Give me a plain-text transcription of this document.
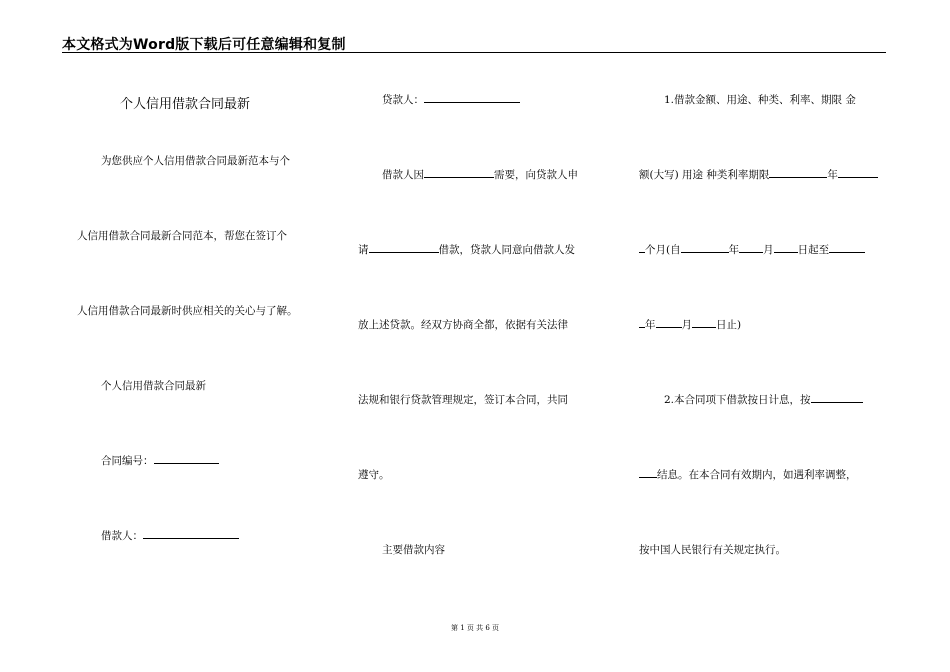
本文格式为Word版下载后可任意编辑和复制
个人信用借款合同最新
为您供应个人信用借款合同最新范本与个
人信用借款合同最新合同范本，帮您在签订个
人信用借款合同最新时供应相关的关心与了解。
个人信用借款合同最新
合同编号：
借款人：
贷款人：
借款人因	需要，向贷款人申
请	借款，贷款人同意向借款人发
放上述贷款。经双方协商全都，依据有关法律
法规和银行贷款管理规定，签订本合同，共同
遵守。
主要借款内容
1.借款金额、用途、种类、利率、期限 金
额(大写) 用途 种类利率期限	年
个月(自	年 月 日起至
年 月 日止)
2.本合同项下借款按日计息，按
结息。在本合同有效期内，如遇利率调整，
按中国人民银行有关规定执行。
第 1 页 共 6 页
